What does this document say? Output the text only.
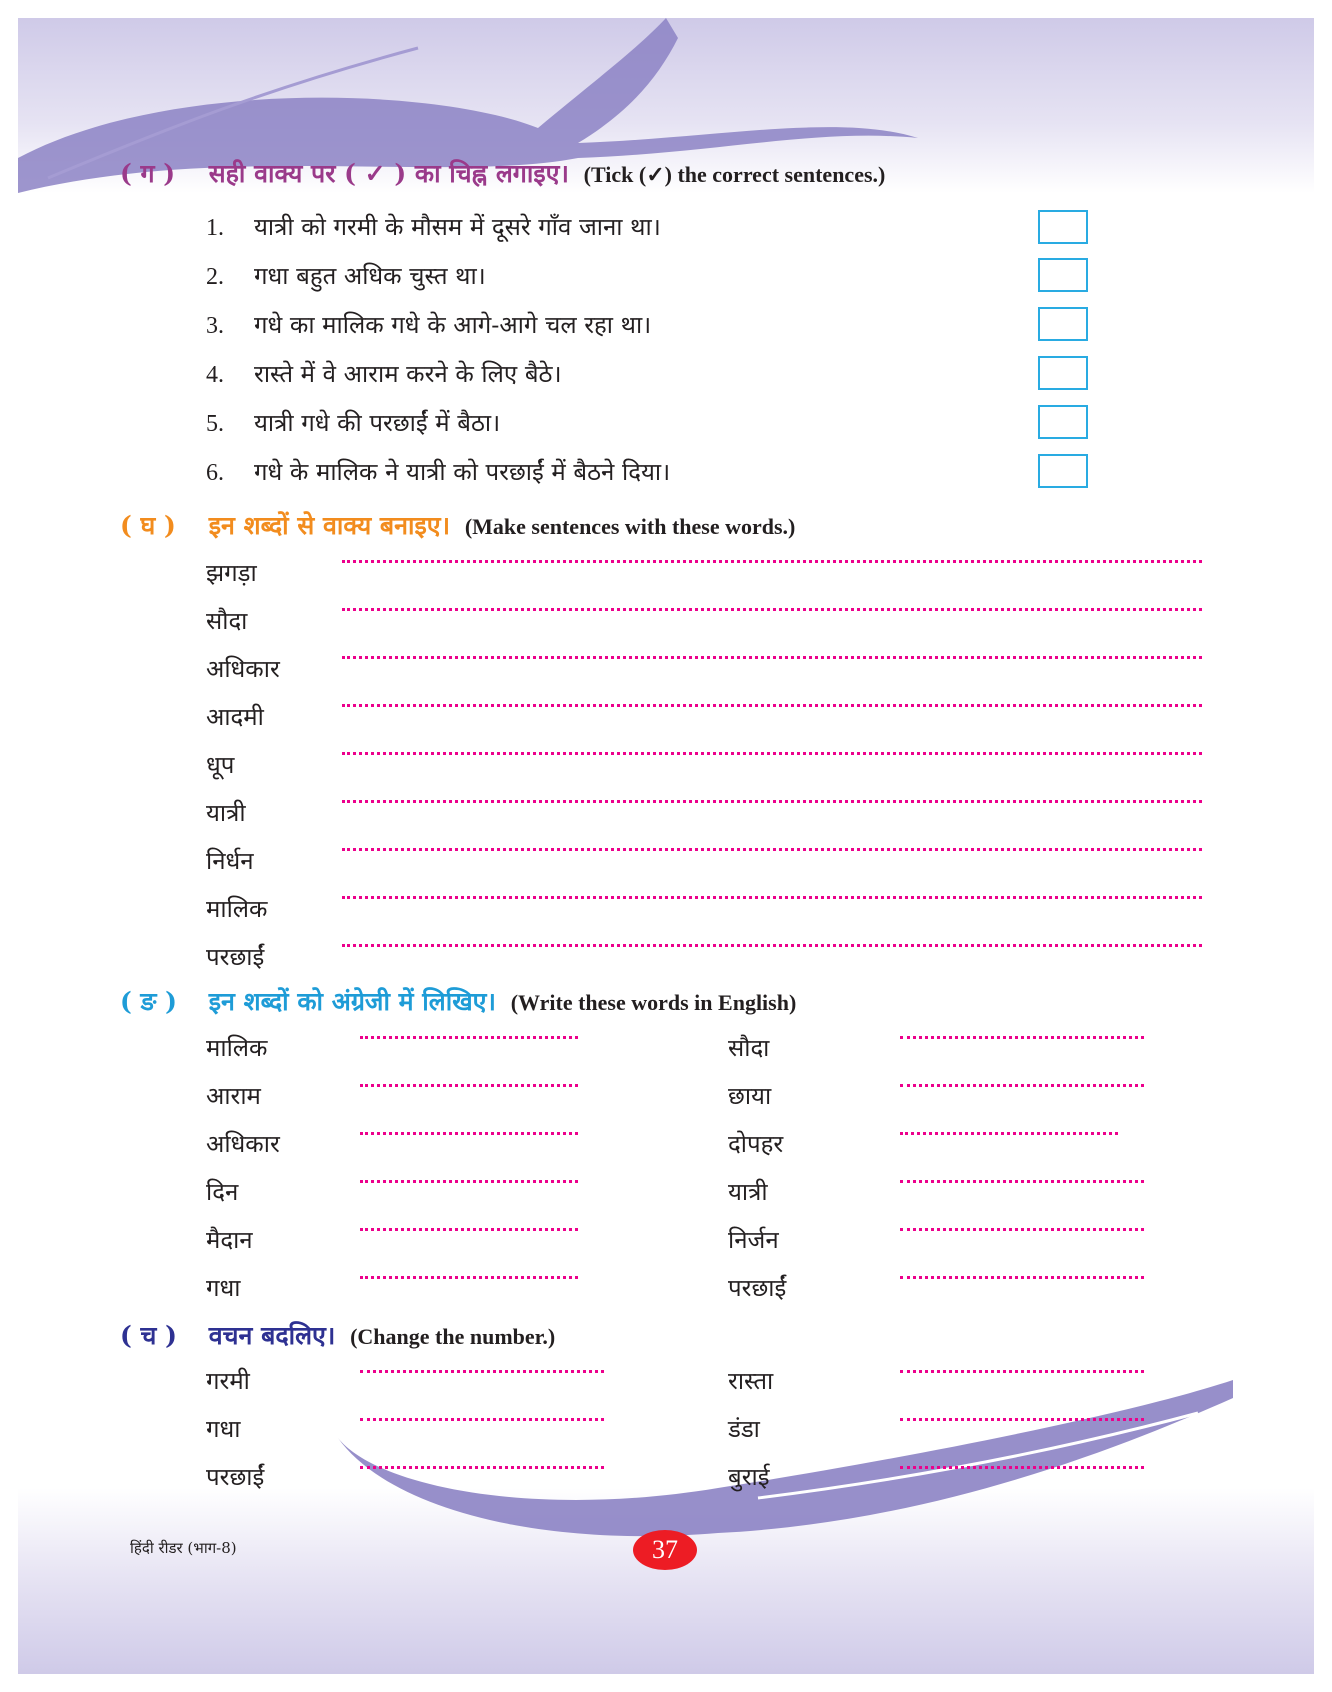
( ग ) सही वाक्य पर ( ✓ ) का चिह्न लगाइए। (Tick (✓) the correct sentences.)
1. यात्री को गरमी के मौसम में दूसरे गाँव जाना था।
2. गधा बहुत अधिक चुस्त था।
3. गधे का मालिक गधे के आगे-आगे चल रहा था।
4. रास्ते में वे आराम करने के लिए बैठे।
5. यात्री गधे की परछाईं में बैठा।
6. गधे के मालिक ने यात्री को परछाईं में बैठने दिया।
( घ ) इन शब्दों से वाक्य बनाइए। (Make sentences with these words.)
झगड़ा
सौदा
अधिकार
आदमी
धूप
यात्री
निर्धन
मालिक
परछाईं
( ङ ) इन शब्दों को अंग्रेजी में लिखिए। (Write these words in English)
मालिक	सौदा
आराम	छाया
अधिकार	दोपहर
दिन	यात्री
मैदान	निर्जन
गधा	परछाईं
( च ) वचन बदलिए। (Change the number.)
गरमी	रास्ता
गधा	डंडा
परछाईं	बुराई
हिंदी रीडर (भाग-8)	37
